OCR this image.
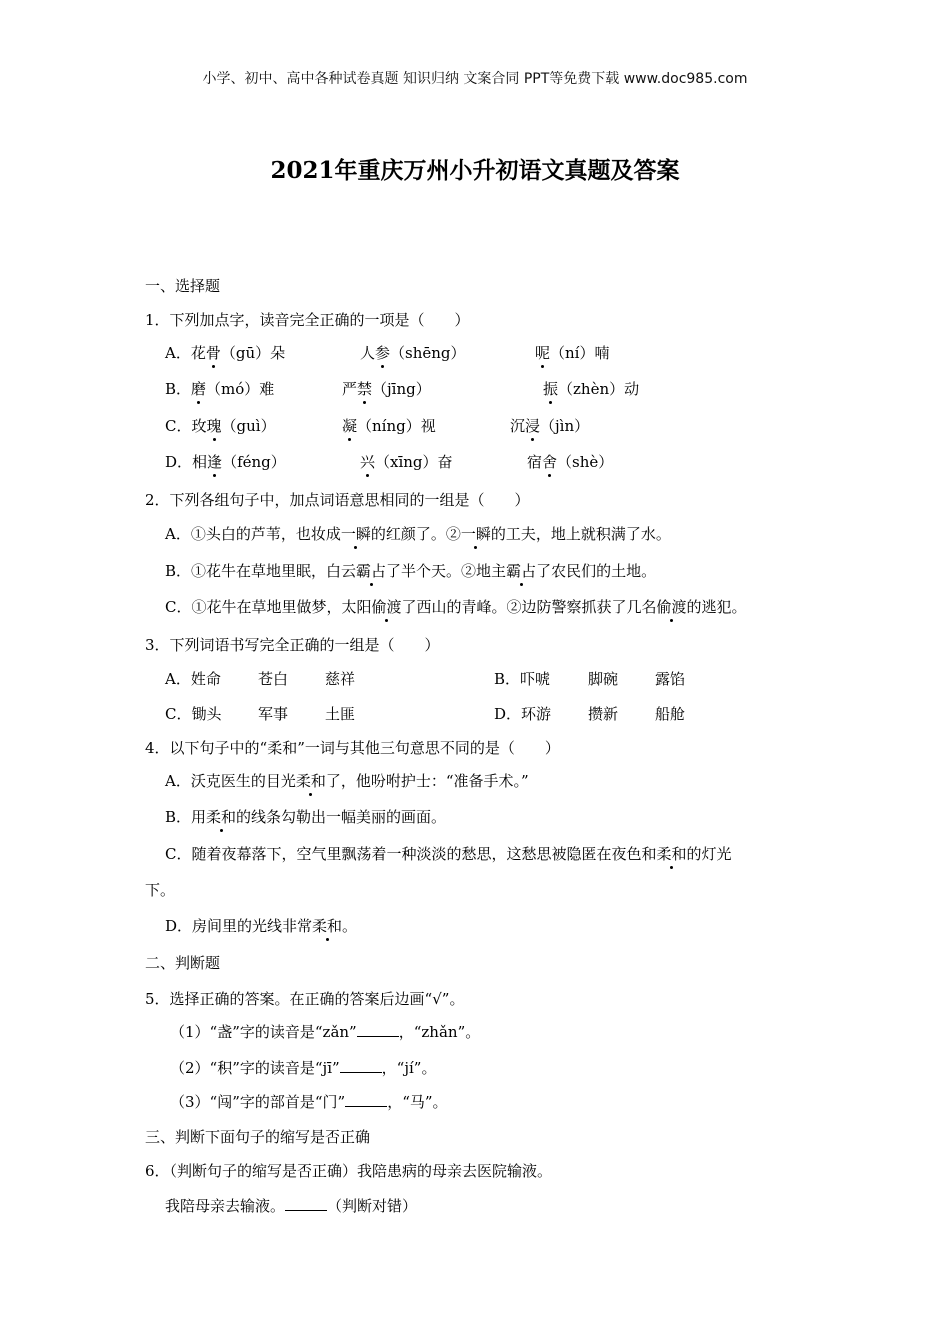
小学、初中、高中各种试卷真题 知识归纳 文案合同 PPT等免费下载 www.doc985.com
2021年重庆万州小升初语文真题及答案
一、选择题
1．下列加点字，读音完全正确的一项是（　　）
A．花骨（gū）朵	人参（shēng）	呢（ní）喃
B．磨（mó）难	严禁（jīng）	振（zhèn）动
C．玫瑰（guì）	凝（níng）视	沉浸（jìn）
D．相逢（féng）	兴（xīng）奋	宿舍（shè）
2．下列各组句子中，加点词语意思相同的一组是（　　）
A．①头白的芦苇，也妆成一瞬的红颜了。②一瞬的工夫，地上就积满了水。
B．①花牛在草地里眠，白云霸占了半个天。②地主霸占了农民们的土地。
C．①花牛在草地里做梦，太阳偷渡了西山的青峰。②边防警察抓获了几名偷渡的逃犯。
3．下列词语书写完全正确的一组是（　　）
A．姓命 苍白 慈祥	B．吓唬	脚碗 露馅
C．锄头 军事 土匪	D．环游 攒新 船舱
4．以下句子中的“柔和”一词与其他三句意思不同的是（　　）
A．沃克医生的目光柔和了，他吩咐护士：“准备手术。”
B．用柔和的线条勾勒出一幅美丽的画面。
C．随着夜幕落下，空气里飘荡着一种淡淡的愁思，这愁思被隐匿在夜色和柔和的灯光
下。
D．房间里的光线非常柔和。
二、判断题
5．选择正确的答案。在正确的答案后边画“√”。
（1）“盏”字的读音是“zǎn”	，“zhǎn”。
（2）“积”字的读音是“jī”	，“jí”。
（3）“闯”字的部首是“门”	，“马”。
三、判断下面句子的缩写是否正确
6．（判断句子的缩写是否正确）我陪患病的母亲去医院输液。
我陪母亲去输液。	（判断对错）
